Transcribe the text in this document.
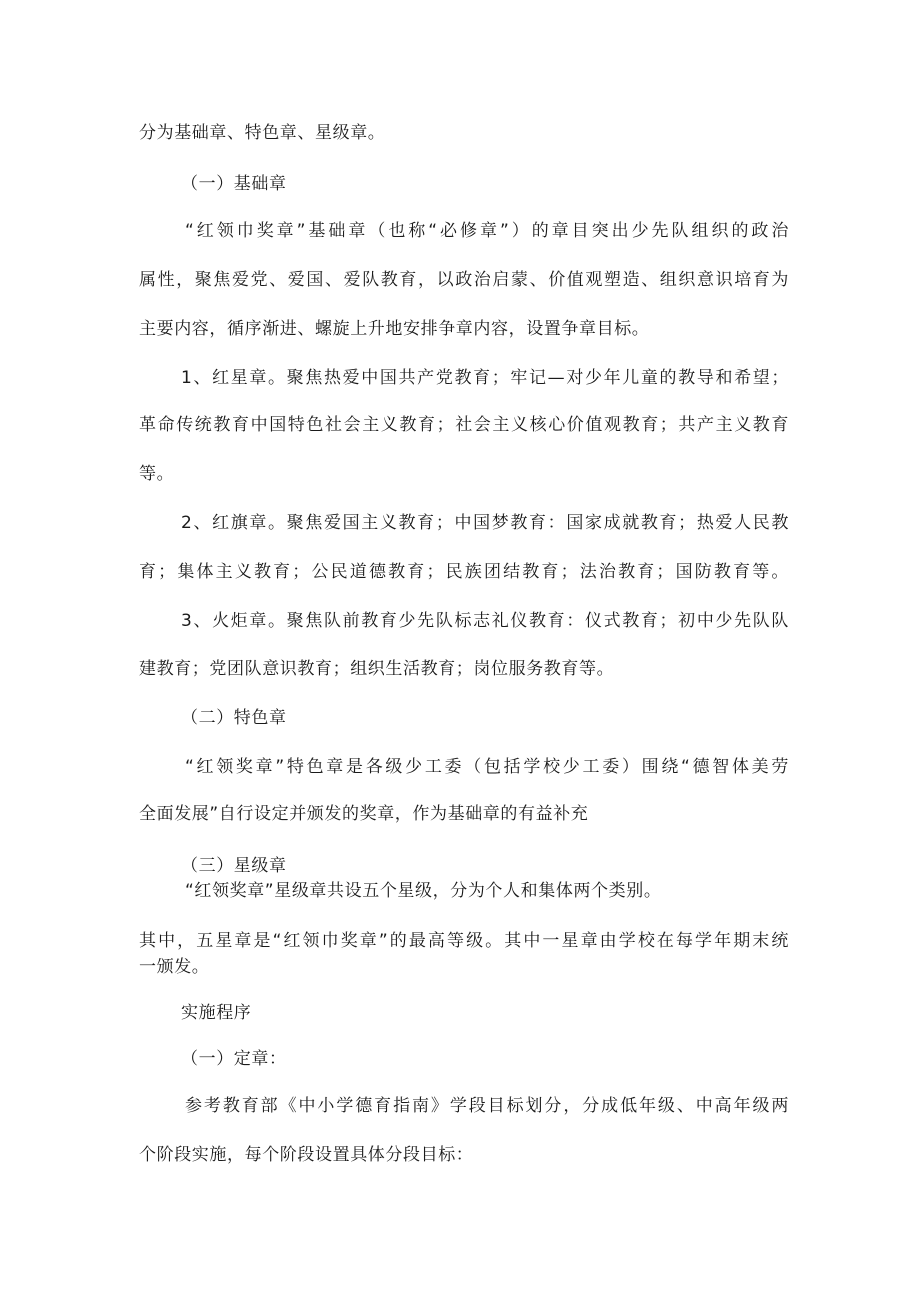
分为基础章、特色章、星级章。
（一）基础章
“红领巾奖章”基础章（也称“必修章”）的章目突出少先队组织的政治
属性，聚焦爱党、爱国、爱队教育，以政治启蒙、价值观塑造、组织意识培育为
主要内容，循序渐进、螺旋上升地安排争章内容，设置争章目标。
1、红星章。聚焦热爱中国共产党教育；牢记—对少年儿童的教导和希望；
革命传统教育中国特色社会主义教育；社会主义核心价值观教育；共产主义教育
等。
2、红旗章。聚焦爱国主义教育；中国梦教育：国家成就教育；热爱人民教
育；集体主义教育；公民道德教育；民族团结教育；法治教育；国防教育等。
3、火炬章。聚焦队前教育少先队标志礼仪教育：仪式教育；初中少先队队
建教育；党团队意识教育；组织生活教育；岗位服务教育等。
（二）特色章
“红领奖章”特色章是各级少工委（包括学校少工委）围绕“德智体美劳
全面发展”自行设定并颁发的奖章，作为基础章的有益补充
（三）星级章
“红领奖章”星级章共设五个星级，分为个人和集体两个类别。
其中，五星章是“红领巾奖章”的最高等级。其中一星章由学校在每学年期末统
一颁发。
实施程序
（一）定章：
参考教育部《中小学德育指南》学段目标划分，分成低年级、中高年级两
个阶段实施，每个阶段设置具体分段目标：
